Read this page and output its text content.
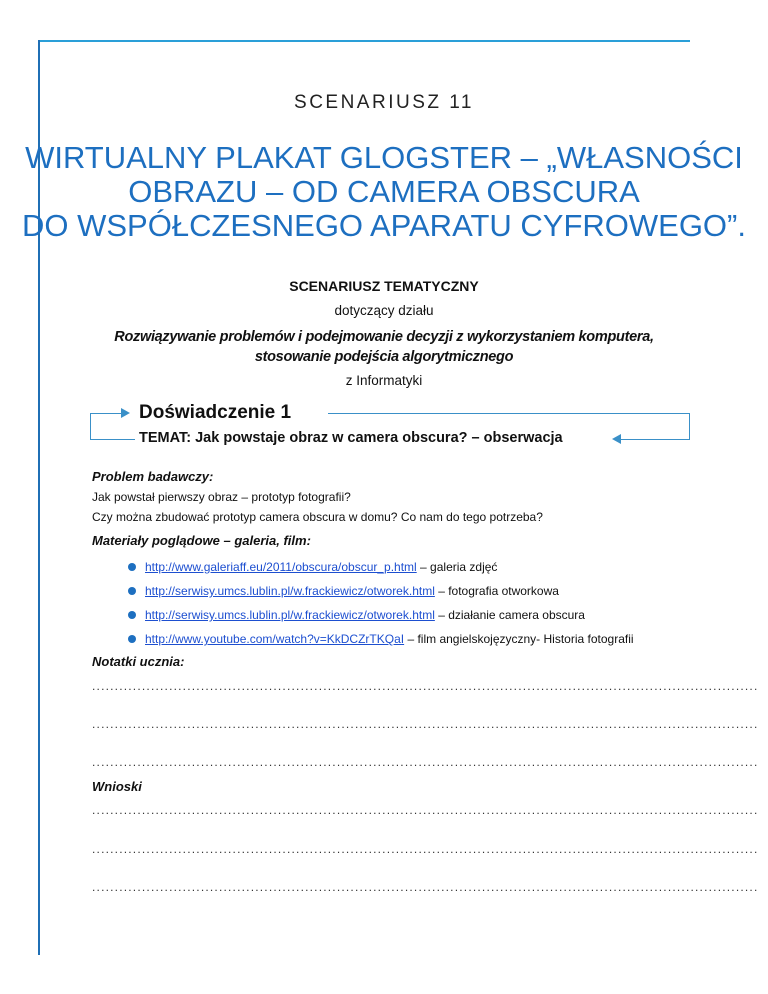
SCENARIUSZ 11
WIRTUALNY PLAKAT GLOGSTER – „WŁASNOŚCI
OBRAZU – OD CAMERA OBSCURA
DO WSPÓŁCZESNEGO APARATU CYFROWEGO”.
SCENARIUSZ TEMATYCZNY
dotyczący działu
Rozwiązywanie problemów i podejmowanie decyzji z wykorzystaniem komputera,
stosowanie podejścia algorytmicznego
z Informatyki
Doświadczenie 1
TEMAT: Jak powstaje obraz w camera obscura? – obserwacja
Problem badawczy:
Jak powstał pierwszy obraz – prototyp fotografii?
Czy można zbudować prototyp camera obscura w domu? Co nam do tego potrzeba?
Materiały poglądowe – galeria, film:
http://www.galeriaff.eu/2011/obscura/obscur_p.html – galeria zdjęć
http://serwisy.umcs.lublin.pl/w.frackiewicz/otworek.html – fotografia otworkowa
http://serwisy.umcs.lublin.pl/w.frackiewicz/otworek.html – działanie camera obscura
http://www.youtube.com/watch?v=KkDCZrTKQaI – film angielskojęzyczny- Historia fotografii
Notatki ucznia:
...................................................................................................................................................
...................................................................................................................................................
...................................................................................................................................................
Wnioski
...................................................................................................................................................
...................................................................................................................................................
...................................................................................................................................................
